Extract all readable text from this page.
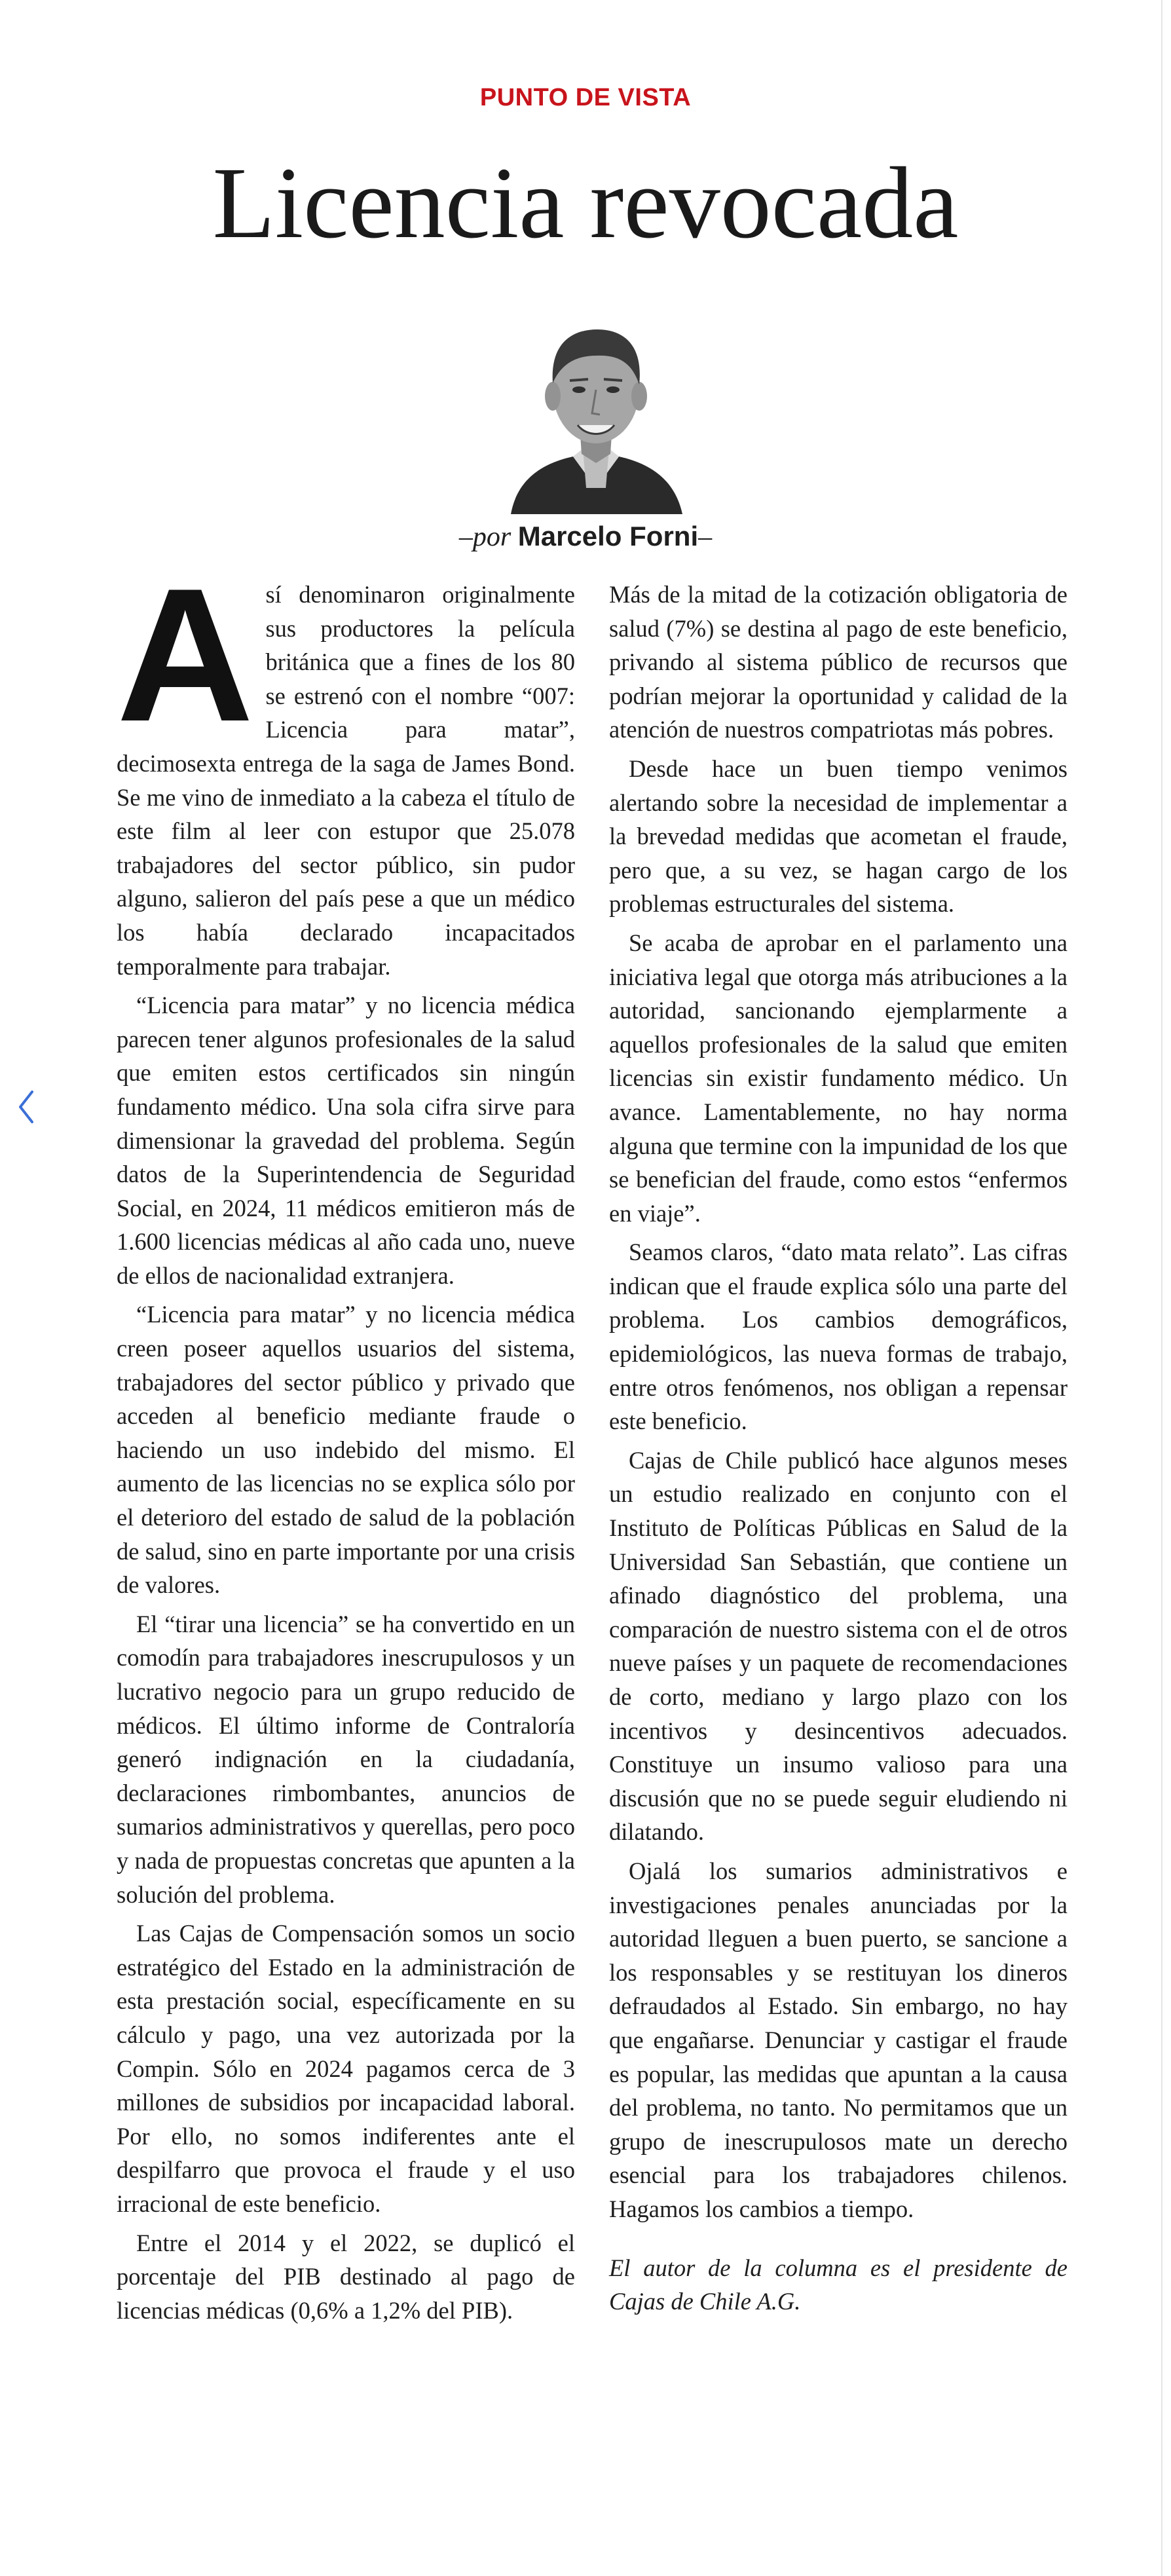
PUNTO DE VISTA
Licencia revocada
–por Marcelo Forni–

Así denominaron originalmente sus productores la película británica que a fines de los 80 se estrenó con el nombre “007: Licencia para matar”, decimosexta entrega de la saga de James Bond. Se me vino de inmediato a la cabeza el título de este film al leer con estupor que 25.078 trabajadores del sector público, sin pudor alguno, salieron del país pese a que un médico los había declarado incapacitados temporalmente para trabajar.

“Licencia para matar” y no licencia médica parecen tener algunos profesionales de la salud que emiten estos certificados sin ningún fundamento médico. Una sola cifra sirve para dimensionar la gravedad del problema. Según datos de la Superintendencia de Seguridad Social, en 2024, 11 médicos emitieron más de 1.600 licencias médicas al año cada uno, nueve de ellos de nacionalidad extranjera.

“Licencia para matar” y no licencia médica creen poseer aquellos usuarios del sistema, trabajadores del sector público y privado que acceden al beneficio mediante fraude o haciendo un uso indebido del mismo. El aumento de las licencias no se explica sólo por el deterioro del estado de salud de la población de salud, sino en parte importante por una crisis de valores.

El “tirar una licencia” se ha convertido en un comodín para trabajadores inescrupulosos y un lucrativo negocio para un grupo reducido de médicos. El último informe de Contraloría generó indignación en la ciudadanía, declaraciones rimbombantes, anuncios de sumarios administrativos y querellas, pero poco y nada de propuestas concretas que apunten a la solución del problema.

Las Cajas de Compensación somos un socio estratégico del Estado en la administración de esta prestación social, específicamente en su cálculo y pago, una vez autorizada por la Compin. Sólo en 2024 pagamos cerca de 3 millones de subsidios por incapacidad laboral. Por ello, no somos indiferentes ante el despilfarro que provoca el fraude y el uso irracional de este beneficio.

Entre el 2014 y el 2022, se duplicó el porcentaje del PIB destinado al pago de licencias médicas (0,6% a 1,2% del PIB).

Más de la mitad de la cotización obligatoria de salud (7%) se destina al pago de este beneficio, privando al sistema público de recursos que podrían mejorar la oportunidad y calidad de la atención de nuestros compatriotas más pobres.

Desde hace un buen tiempo venimos alertando sobre la necesidad de implementar a la brevedad medidas que acometan el fraude, pero que, a su vez, se hagan cargo de los problemas estructurales del sistema.

Se acaba de aprobar en el parlamento una iniciativa legal que otorga más atribuciones a la autoridad, sancionando ejemplarmente a aquellos profesionales de la salud que emiten licencias sin existir fundamento médico. Un avance. Lamentablemente, no hay norma alguna que termine con la impunidad de los que se benefician del fraude, como estos “enfermos en viaje”.

Seamos claros, “dato mata relato”. Las cifras indican que el fraude explica sólo una parte del problema. Los cambios demográficos, epidemiológicos, las nueva formas de trabajo, entre otros fenómenos, nos obligan a repensar este beneficio.

Cajas de Chile publicó hace algunos meses un estudio realizado en conjunto con el Instituto de Políticas Públicas en Salud de la Universidad San Sebastián, que contiene un afinado diagnóstico del problema, una comparación de nuestro sistema con el de otros nueve países y un paquete de recomendaciones de corto, mediano y largo plazo con los incentivos y desincentivos adecuados. Constituye un insumo valioso para una discusión que no se puede seguir eludiendo ni dilatando.

Ojalá los sumarios administrativos e investigaciones penales anunciadas por la autoridad lleguen a buen puerto, se sancione a los responsables y se restituyan los dineros defraudados al Estado. Sin embargo, no hay que engañarse. Denunciar y castigar el fraude es popular, las medidas que apuntan a la causa del problema, no tanto. No permitamos que un grupo de inescrupulosos mate un derecho esencial para los trabajadores chilenos. Hagamos los cambios a tiempo.

El autor de la columna es el presidente de Cajas de Chile A.G.
